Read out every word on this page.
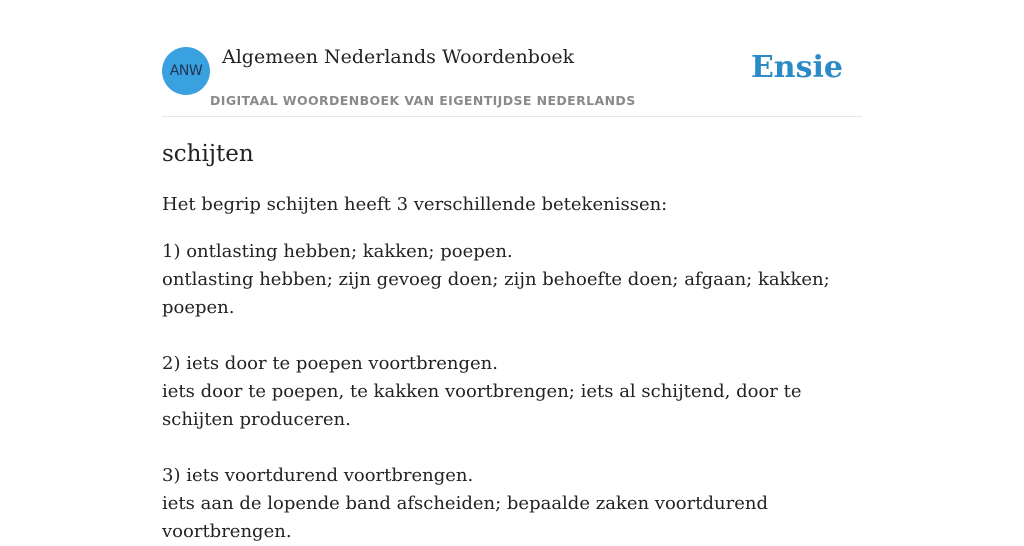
ANW
Algemeen Nederlands Woordenboek
DIGITAAL WOORDENBOEK VAN EIGENTIJDSE NEDERLANDS
Ensie
schijten
Het begrip schijten heeft 3 verschillende betekenissen:

1) ontlasting hebben; kakken; poepen.

ontlasting hebben; zijn gevoeg doen; zijn behoefte doen; afgaan; kakken; poepen.

2) iets door te poepen voortbrengen.

iets door te poepen, te kakken voortbrengen; iets al schijtend, door te schijten produceren.

3) iets voortdurend voortbrengen.

iets aan de lopende band afscheiden; bepaalde zaken voortdurend voortbrengen.
